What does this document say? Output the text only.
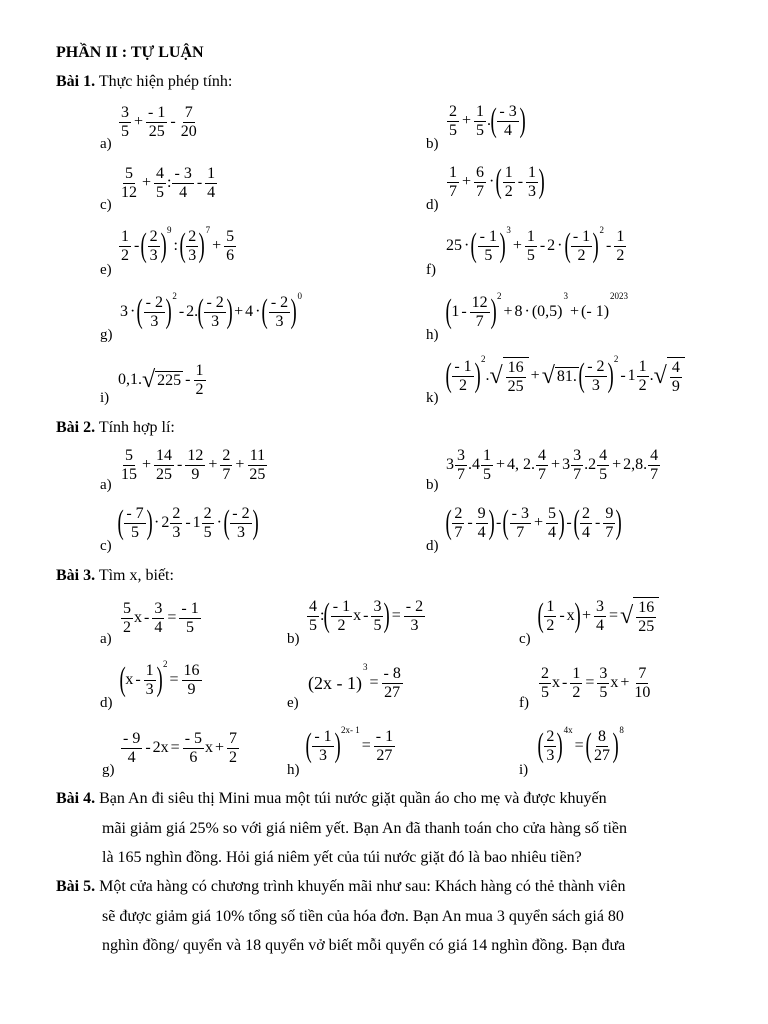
PHẦN II : TỰ LUẬN
Bài 1. Thực hiện phép tính:
a)
$\frac{3}{5} + \frac{- 1}{25} - \frac{7}{20}$
b)
$\frac{2}{5} + \frac{1}{5}$ . ( $\frac{- 3}{4}$ )
c)
$\frac{5}{12} + \frac{4}{5}$ : $\frac{- 3}{4} - \frac{1}{4}$
d)
$\frac{1}{7} + \frac{6}{7}$ · ( $\frac{1}{2} - \frac{1}{3}$ )
e)
$\frac{1}{2}$ - ( $\frac{2}{3}$ ) 9
: ( $\frac{2}{3}$ ) 7
+ $\frac{5}{6}$
f)
25 · ( $\frac{- 1}{5}$ ) 3
+ $\frac{1}{5} - 2$ · ( $\frac{- 1}{2}$ ) 2
- $\frac{1}{2}$
g)
3 · ( $\frac{- 2}{3}$ ) 2
- 2. ( $\frac{- 2}{3}$ ) + 4 · ( $\frac{- 2}{3}$ ) 0
h)
( $1 - \frac{12}{7}$ ) 2
+ 8 · (0,5)
3
+ (- 1)
2023
i)
0,1. √ $225 - \frac{1}{2}$	k)
( $\frac{- 1}{2}$ ) 2
. √ $\frac{16}{25}$ + √ 81. ( $\frac{- 2}{3}$ ) 2
- $1 \frac{1}{2}$ . √ $\frac{4}{9}$
Bài 2. Tính hợp lí:
a)
$\frac{5}{15} + \frac{14}{25} - \frac{12}{9} + \frac{2}{7} + \frac{11}{25}$
b)
$3 \frac{3}{7} .4 \frac{1}{5} + 4$, 2. $\frac{4}{7} + 3 \frac{3}{7} .2 \frac{4}{5} + 2,8$. $\frac{4}{7}$
c)
( $\frac{- 7}{5}$ ) · $2 \frac{2}{3} - 1 \frac{2}{5}$ · ( $\frac{- 2}{3}$ )
d)
( $\frac{2}{7} - \frac{9}{4}$ ) - ( $\frac{- 3}{7} + \frac{5}{4}$ ) - ( $\frac{2}{4} - \frac{9}{7}$ )
Bài 3. Tìm x, biết:
a)
$\frac{5}{2}$ $x - \frac{3}{4} = \frac{- 1}{5}$
b)
$\frac{4}{5}$ : ( $\frac{- 1}{2}$ x - $\frac{3}{5}$ ) = $\frac{- 2}{3}$
c)
( $\frac{1}{2}$ - x ) + $\frac{3}{4}$ = √ $\frac{16}{25}$
d)
( x - $\frac{1}{3}$ ) 2
= $\frac{16}{9}$
e)
(2x - 1)
3
= $\frac{- 8}{27}$
f)
$\frac{2}{5}$ $x - \frac{1}{2} = \frac{3}{5}$ $x + \frac{7}{10}$
g)
$\frac{- 9}{4} - 2x = \frac{- 5}{6}$ $x + \frac{7}{2}$
h)
( $\frac{- 1}{3}$ ) 2x- 1
= $\frac{- 1}{27}$
i)
( $\frac{2}{3}$ ) 4x
= ( $\frac{8}{27}$ ) 8
Bài 4. Bạn An đi siêu thị Mini mua một túi nước giặt quần áo cho mẹ và được khuyến
mãi giảm giá 25% so với giá niêm yết. Bạn An đã thanh toán cho cửa hàng số tiền
là 165 nghìn đồng. Hỏi giá niêm yết của túi nước giặt đó là bao nhiêu tiền?
Bài 5. Một cửa hàng có chương trình khuyến mãi như sau: Khách hàng có thẻ thành viên
sẽ được giảm giá 10% tổng số tiền của hóa đơn. Bạn An mua 3 quyển sách giá 80
nghìn đồng/ quyển và 18 quyển vở biết mỗi quyển có giá 14 nghìn đồng. Bạn đưa
